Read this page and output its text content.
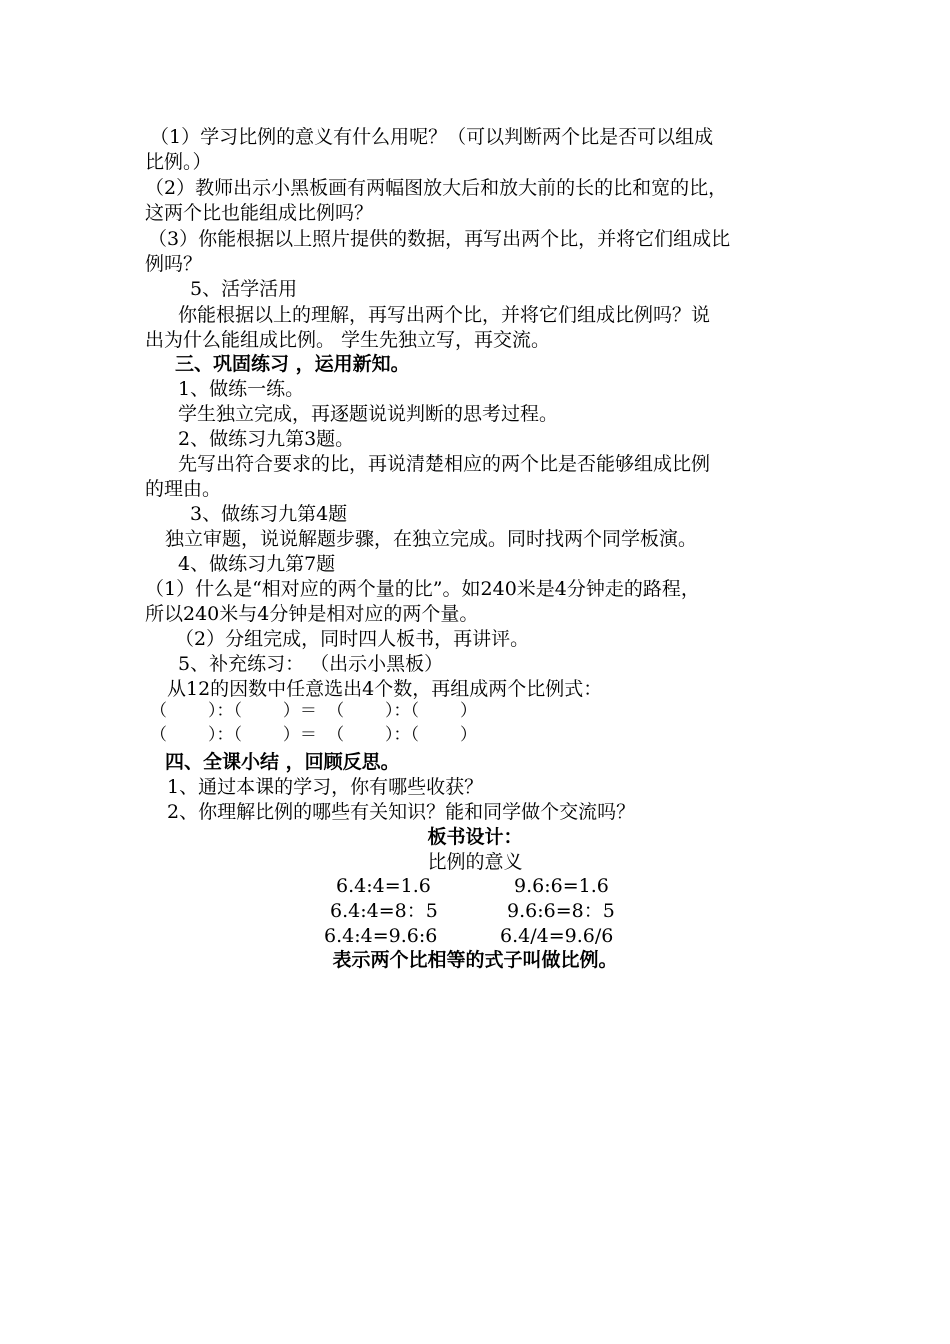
（1）学习比例的意义有什么用呢？（可以判断两个比是否可以组成
比例。）
（2）教师出示小黑板画有两幅图放大后和放大前的长的比和宽的比，
这两个比也能组成比例吗？
（3）你能根据以上照片提供的数据，再写出两个比，并将它们组成比
例吗？
5、活学活用
你能根据以上的理解，再写出两个比，并将它们组成比例吗？说
出为什么能组成比例。 学生先独立写，再交流。
三、巩固练习 ，运用新知。
1、做练一练。
学生独立完成，再逐题说说判断的思考过程。
2、做练习九第3题。
先写出符合要求的比，再说清楚相应的两个比是否能够组成比例
的理由。
3、做练习九第4题
独立审题，说说解题步骤，在独立完成。同时找两个同学板演。
4、做练习九第7题
（1）什么是“相对应的两个量的比”。如240米是4分钟走的路程，
所以240米与4分钟是相对应的两个量。
（2）分组完成，同时四人板书，再讲评。
5、补充练习： （出示小黑板）
从12的因数中任意选出4个数，再组成两个比例式：
（    ）：（    ）＝ （    ）：（    ）
（    ）：（    ）＝ （    ）：（    ）
四、全课小结 ，回顾反思。
1、通过本课的学习，你有哪些收获？
2、你理解比例的哪些有关知识？能和同学做个交流吗？
板书设计：
比例的意义
6.4:4=1.6	9.6:6=1.6
6.4:4=8：5	9.6:6=8：5
6.4:4=9.6:6	6.4/4=9.6/6
表示两个比相等的式子叫做比例。
